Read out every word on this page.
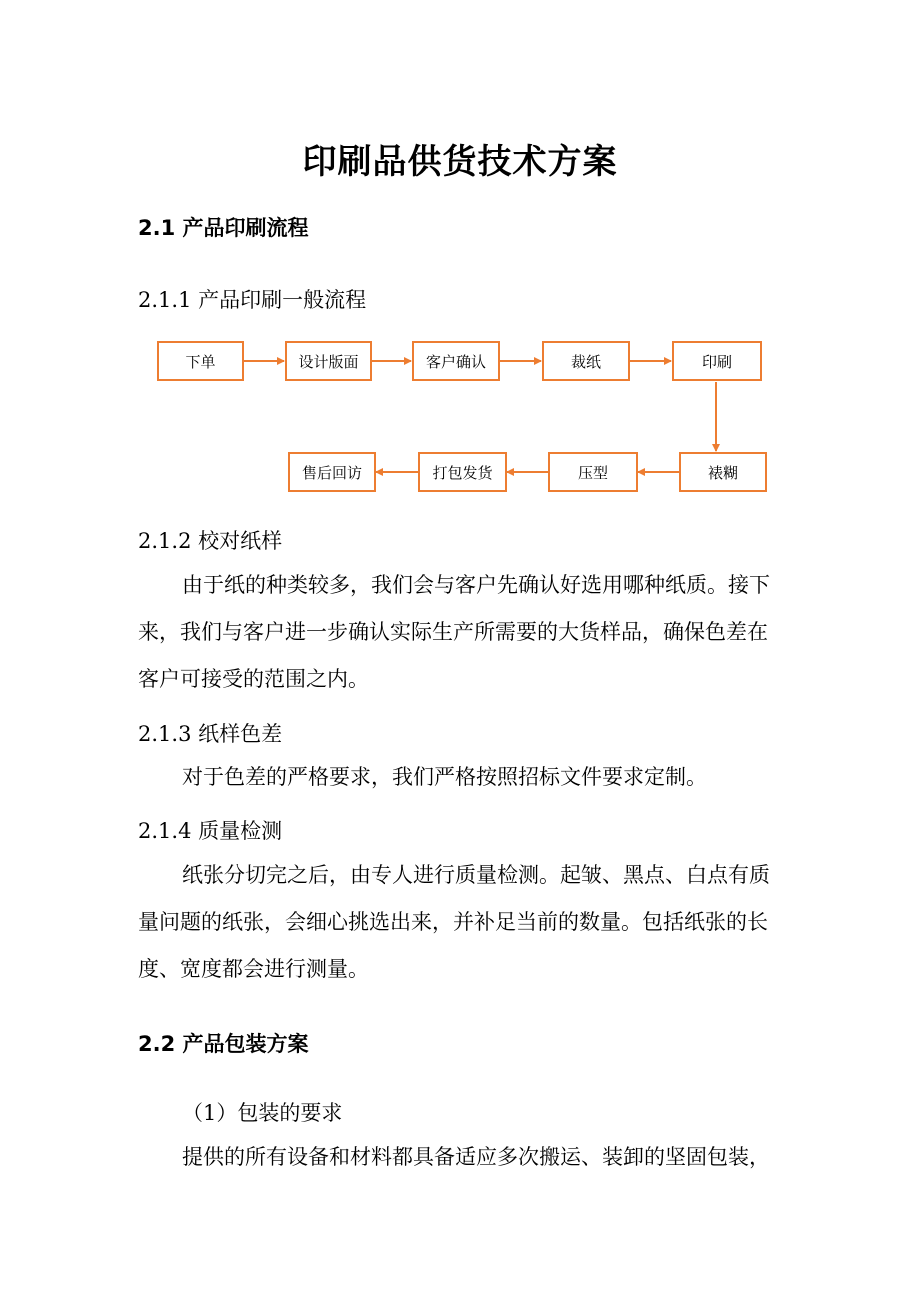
印刷品供货技术方案
2.1 产品印刷流程
2.1.1 产品印刷一般流程
下单	设计版面	客户确认	裁纸	印刷
售后回访	打包发货	压型	裱糊
2.1.2 校对纸样
由于纸的种类较多，我们会与客户先确认好选用哪种纸质。接下来，我们与客户进一步确认实际生产所需要的大货样品，确保色差在客户可接受的范围之内。
2.1.3 纸样色差
对于色差的严格要求，我们严格按照招标文件要求定制。
2.1.4 质量检测
纸张分切完之后，由专人进行质量检测。起皱、黑点、白点有质量问题的纸张，会细心挑选出来，并补足当前的数量。包括纸张的长度、宽度都会进行测量。
2.2 产品包装方案
（1）包装的要求
提供的所有设备和材料都具备适应多次搬运、装卸的坚固包装，
